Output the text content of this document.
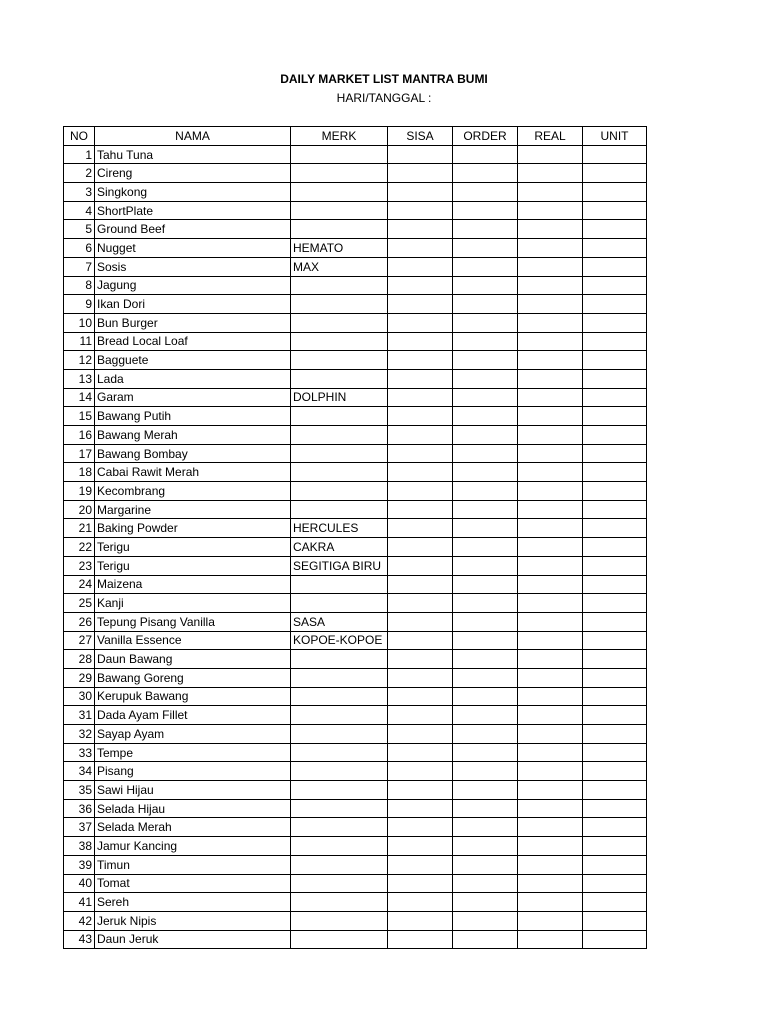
DAILY MARKET LIST MANTRA BUMI
HARI/TANGGAL :
NO	NAMA	MERK	SISA	ORDER	REAL	UNIT
1	Tahu Tuna					
2	Cireng					
3	Singkong					
4	ShortPlate					
5	Ground Beef					
6	Nugget	HEMATO				
7	Sosis	MAX				
8	Jagung					
9	Ikan Dori					
10	Bun Burger					
11	Bread Local Loaf					
12	Bagguete					
13	Lada					
14	Garam	DOLPHIN				
15	Bawang Putih					
16	Bawang Merah					
17	Bawang Bombay					
18	Cabai Rawit Merah					
19	Kecombrang					
20	Margarine					
21	Baking Powder	HERCULES				
22	Terigu	CAKRA				
23	Terigu	SEGITIGA BIRU				
24	Maizena					
25	Kanji					
26	Tepung Pisang Vanilla	SASA				
27	Vanilla Essence	KOPOE-KOPOE				
28	Daun Bawang					
29	Bawang Goreng					
30	Kerupuk Bawang					
31	Dada Ayam Fillet					
32	Sayap Ayam					
33	Tempe					
34	Pisang					
35	Sawi Hijau					
36	Selada Hijau					
37	Selada Merah					
38	Jamur Kancing					
39	Timun					
40	Tomat					
41	Sereh					
42	Jeruk Nipis					
43	Daun Jeruk					
